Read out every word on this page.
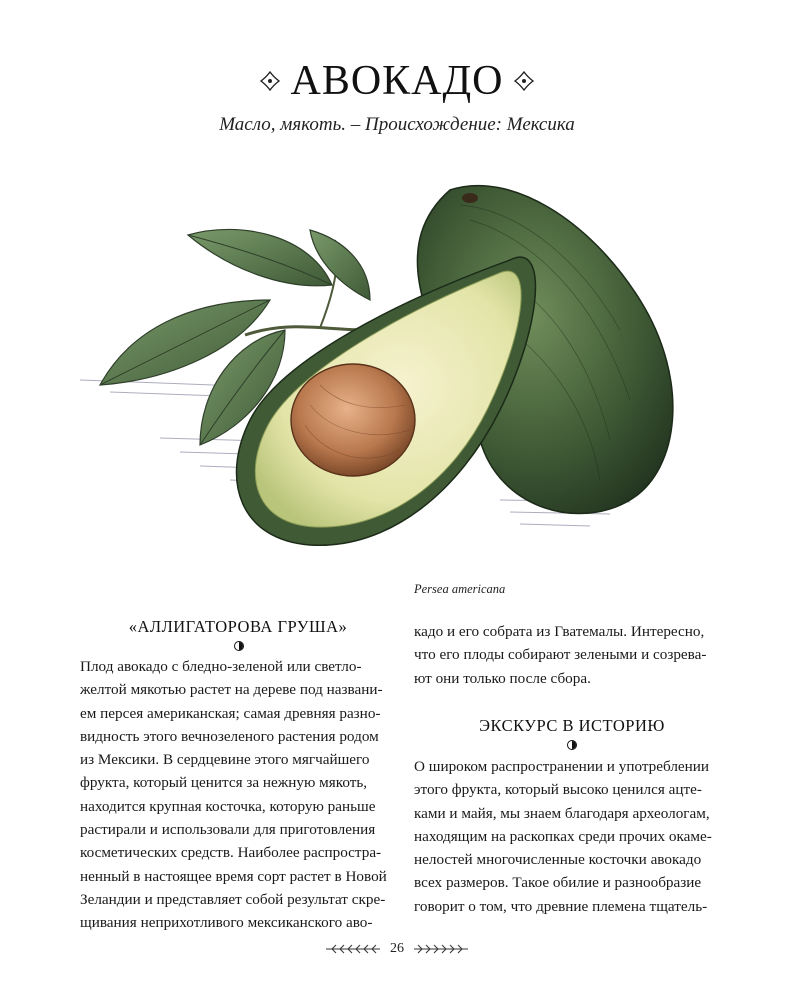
АВОКАДО
Масло, мякоть. – Происхождение: Мексика
Persea americana
«АЛЛИГАТОРОВА ГРУША»

Плод авокадо с бледно-зеленой или светло-

желтой мякотью растет на дереве под названи-

ем персея американская; самая древняя разно-

видность этого вечнозеленого растения родом

из Мексики. В сердцевине этого мягчайшего

фрукта, который ценится за нежную мякоть,

находится крупная косточка, которую раньше

растирали и использовали для приготовления

косметических средств. Наиболее распростра-

ненный в настоящее время сорт растет в Новой

Зеландии и представляет собой результат скре-

щивания неприхотливого мексиканского аво-

кадо и его собрата из Гватемалы. Интересно,

что его плоды собирают зелеными и созрева-

ют они только после сбора.

ЭКСКУРС В ИСТОРИЮ

О широком распространении и употреблении

этого фрукта, который высоко ценился ацте-

ками и майя, мы знаем благодаря археологам,

находящим на раскопках среди прочих окаме-

нелостей многочисленные косточки авокадо

всех размеров. Такое обилие и разнообразие

говорит о том, что древние племена тщатель-

26
